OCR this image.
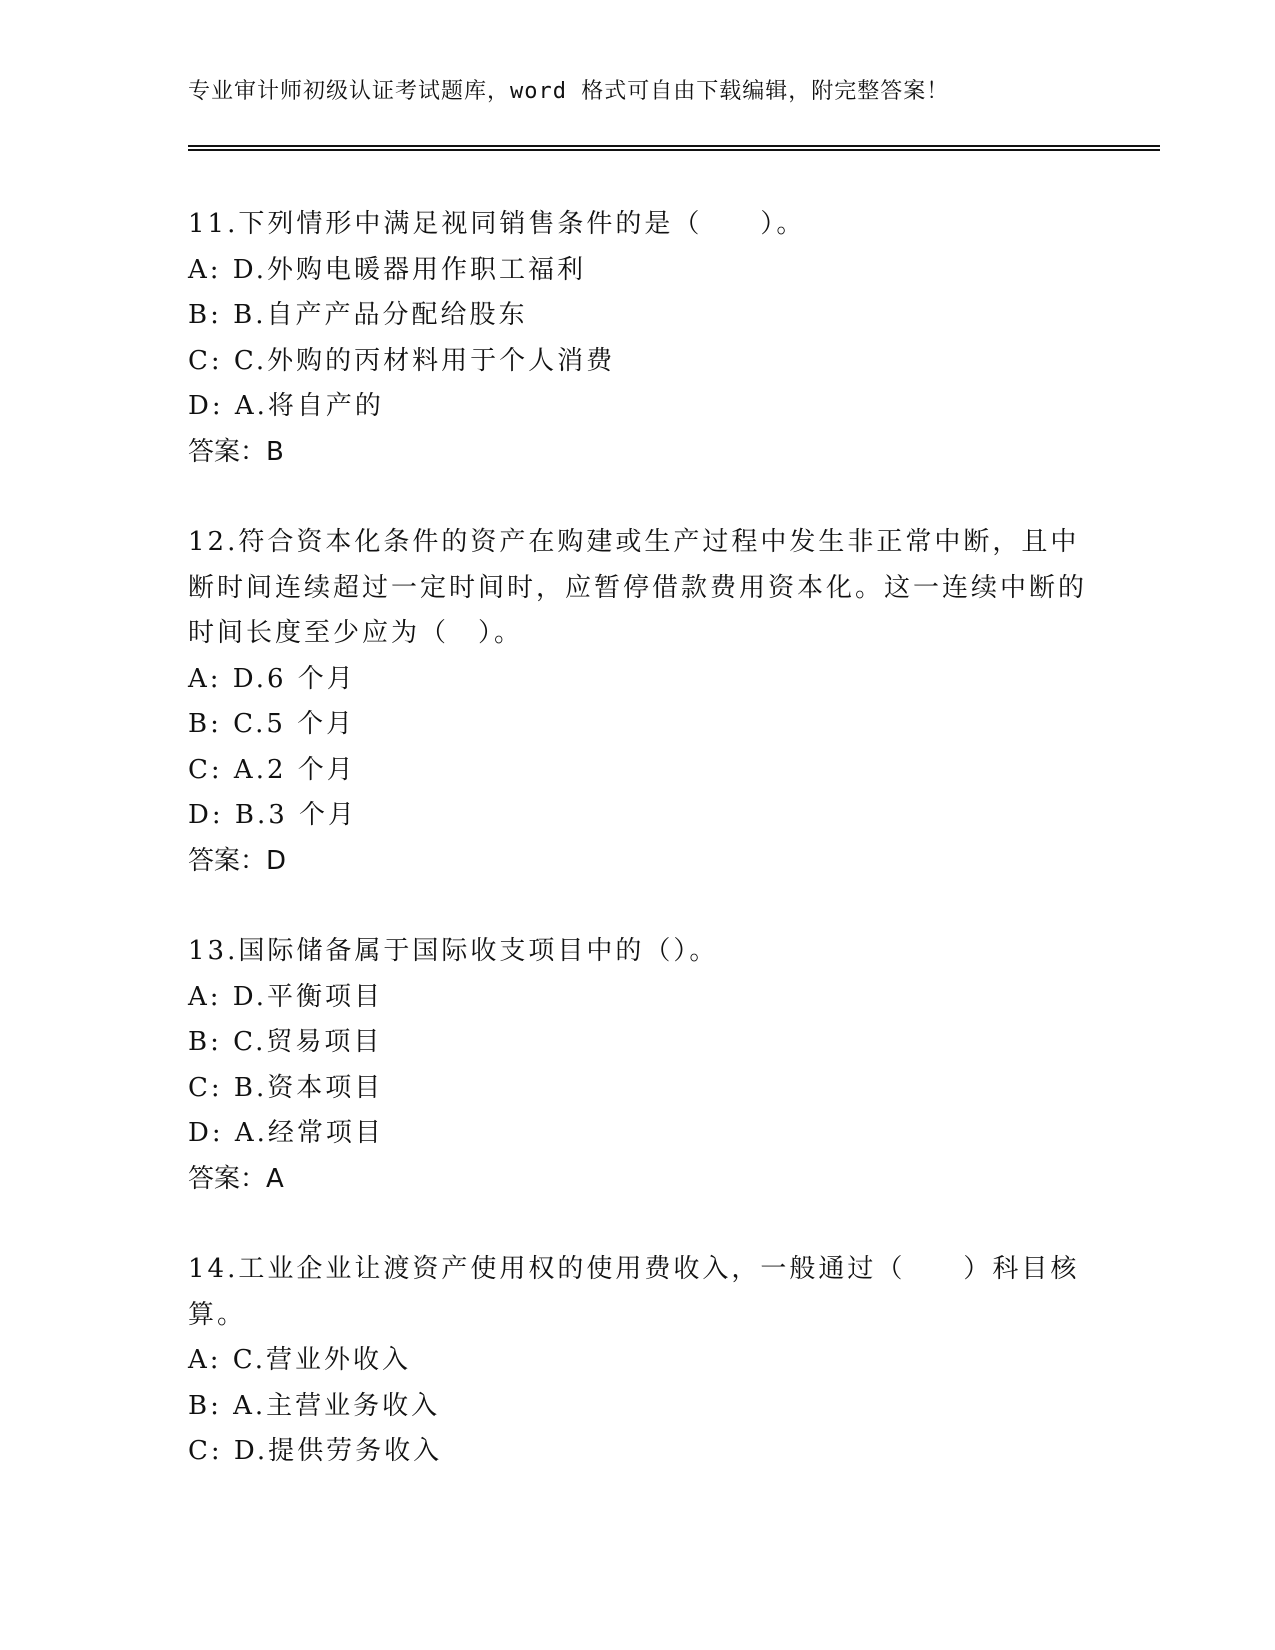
专业审计师初级认证考试题库，word 格式可自由下载编辑，附完整答案！

11.下列情形中满足视同销售条件的是（　　）。

A: D.外购电暖器用作职工福利

B: B.自产产品分配给股东

C: C.外购的丙材料用于个人消费

D: A.将自产的

答案：B

12.符合资本化条件的资产在购建或生产过程中发生非正常中断，且中断时间连续超过一定时间时，应暂停借款费用资本化。这一连续中断的时间长度至少应为（　）。

A: D.6 个月

B: C.5 个月

C: A.2 个月

D: B.3 个月

答案：D

13.国际储备属于国际收支项目中的（）。

A: D.平衡项目

B: C.贸易项目

C: B.资本项目

D: A.经常项目

答案：A

14.工业企业让渡资产使用权的使用费收入，一般通过（　　）科目核算。

A: C.营业外收入

B: A.主营业务收入

C: D.提供劳务收入
